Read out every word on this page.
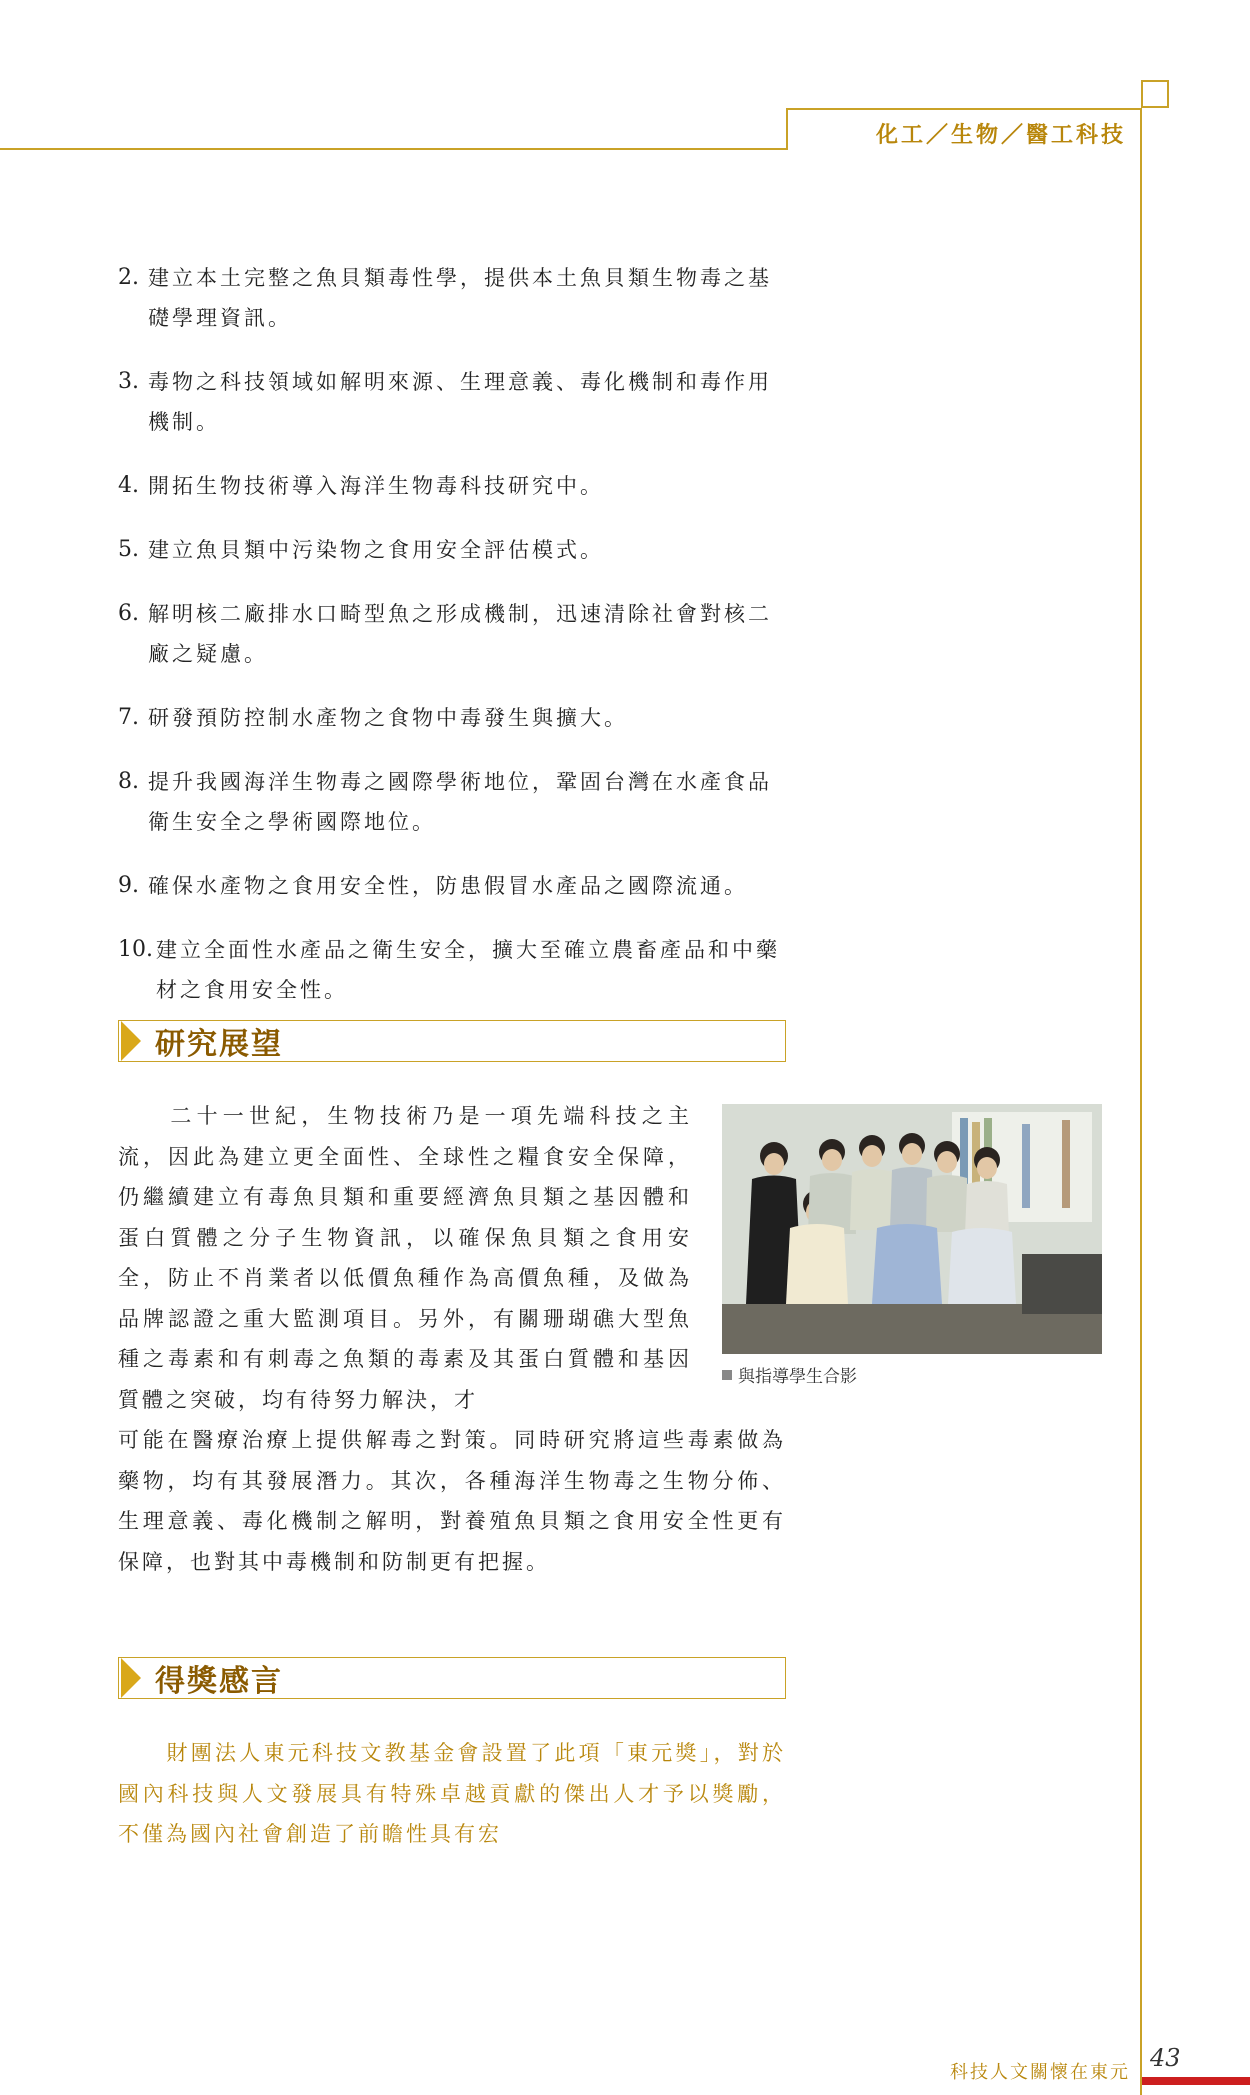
化工／生物／醫工科技
2. 建立本土完整之魚貝類毒性學，提供本土魚貝類生物毒之基礎學理資訊。
3. 毒物之科技領域如解明來源、生理意義、毒化機制和毒作用機制。
4. 開拓生物技術導入海洋生物毒科技研究中。
5. 建立魚貝類中污染物之食用安全評估模式。
6. 解明核二廠排水口畸型魚之形成機制，迅速清除社會對核二廠之疑慮。
7. 研發預防控制水產物之食物中毒發生與擴大。
8. 提升我國海洋生物毒之國際學術地位，鞏固台灣在水產食品衛生安全之學術國際地位。
9. 確保水產物之食用安全性，防患假冒水產品之國際流通。
10. 建立全面性水產品之衛生安全，擴大至確立農畜產品和中藥材之食用安全性。
研究展望
　　二十一世紀，生物技術乃是一項先端科技之主流，因此為建立更全面性、全球性之糧食安全保障，仍繼續建立有毒魚貝類和重要經濟魚貝類之基因體和蛋白質體之分子生物資訊，以確保魚貝類之食用安全，防止不肖業者以低價魚種作為高價魚種，及做為品牌認證之重大監測項目。另外，有關珊瑚礁大型魚種之毒素和有刺毒之魚類的毒素及其蛋白質體和基因質體之突破，均有待努力解決，才
與指導學生合影
可能在醫療治療上提供解毒之對策。同時研究將這些毒素做為藥物，均有其發展潛力。其次，各種海洋生物毒之生物分佈、生理意義、毒化機制之解明，對養殖魚貝類之食用安全性更有保障，也對其中毒機制和防制更有把握。
得獎感言
　　財團法人東元科技文教基金會設置了此項「東元獎」，對於國內科技與人文發展具有特殊卓越貢獻的傑出人才予以獎勵，不僅為國內社會創造了前瞻性具有宏
科技人文關懷在東元
43
